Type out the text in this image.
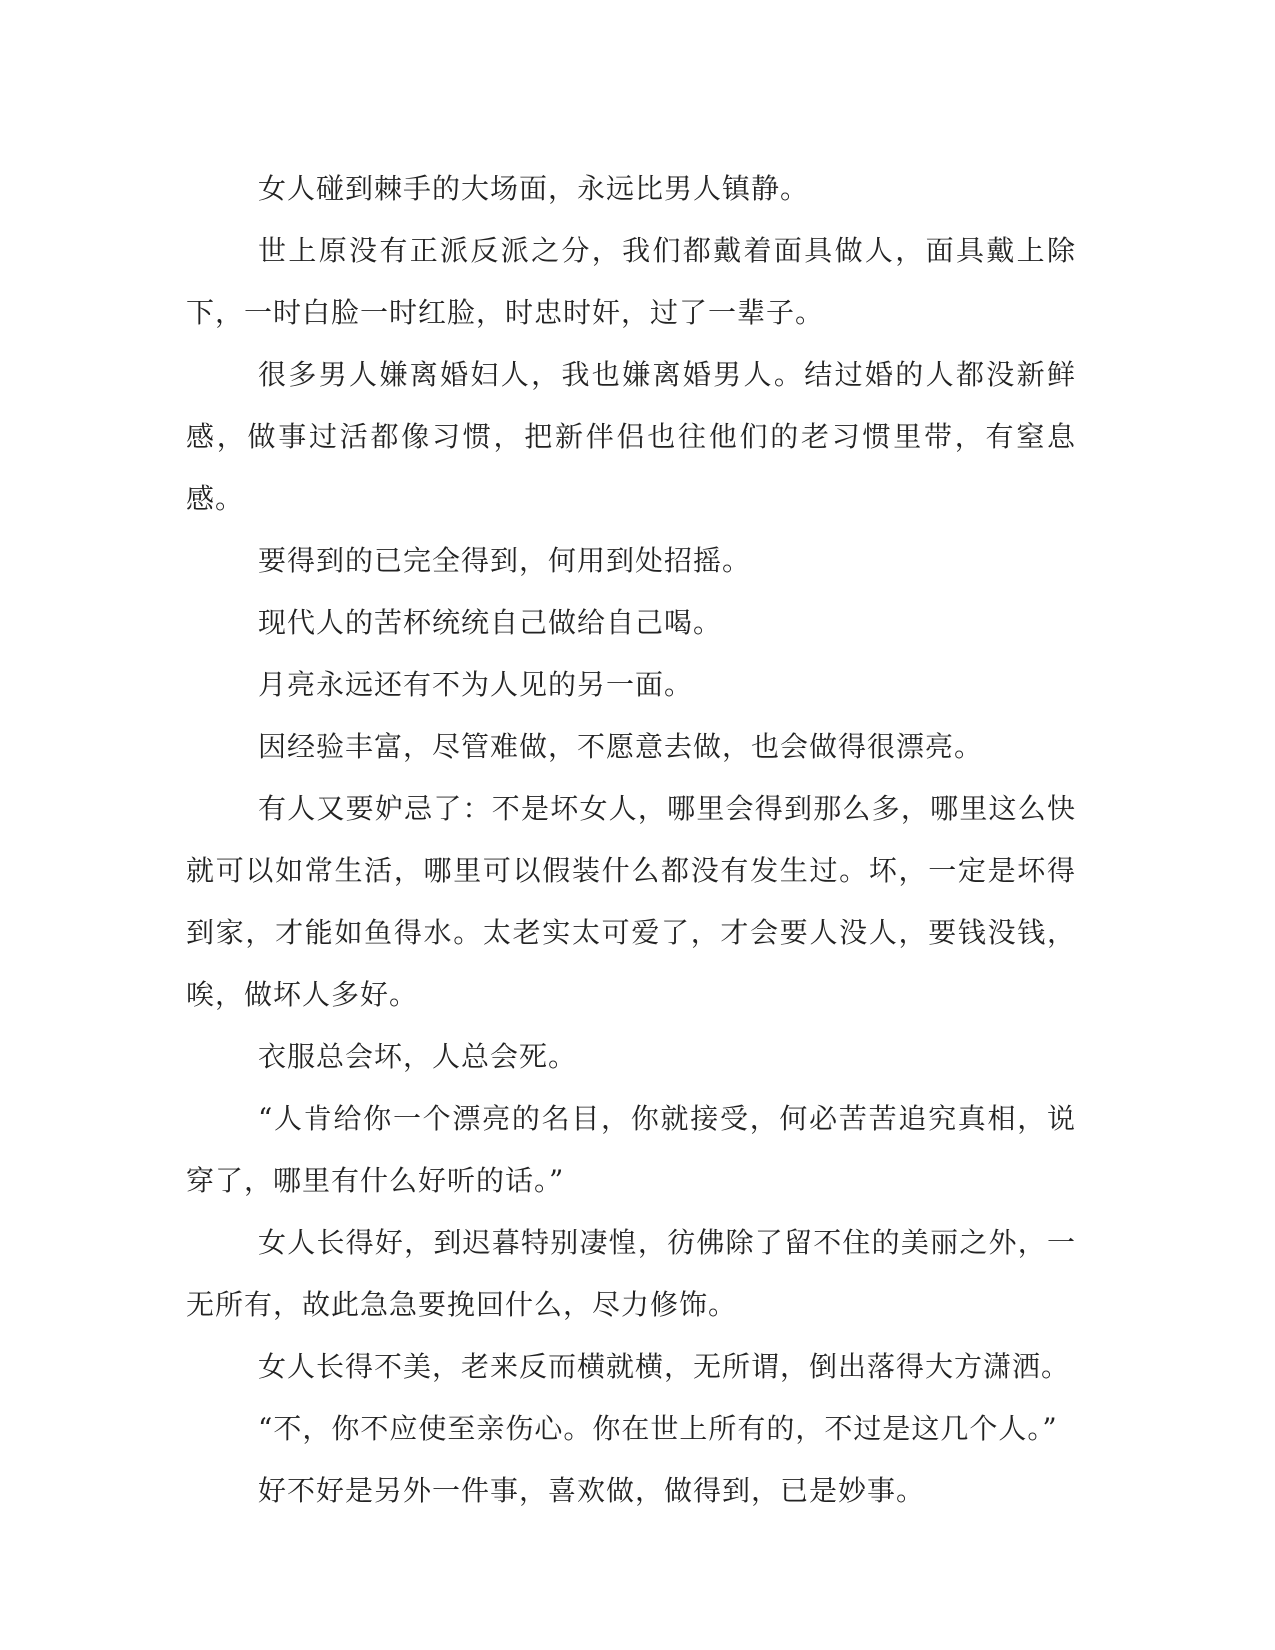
女人碰到棘手的大场面，永远比男人镇静。

世上原没有正派反派之分，我们都戴着面具做人，面具戴上除下，一时白脸一时红脸，时忠时奸，过了一辈子。

很多男人嫌离婚妇人，我也嫌离婚男人。结过婚的人都没新鲜感，做事过活都像习惯，把新伴侣也往他们的老习惯里带，有窒息感。

要得到的已完全得到，何用到处招摇。

现代人的苦杯统统自己做给自己喝。

月亮永远还有不为人见的另一面。

因经验丰富，尽管难做，不愿意去做，也会做得很漂亮。

有人又要妒忌了：不是坏女人，哪里会得到那么多，哪里这么快就可以如常生活，哪里可以假装什么都没有发生过。坏，一定是坏得到家，才能如鱼得水。太老实太可爱了，才会要人没人，要钱没钱，唉，做坏人多好。

衣服总会坏，人总会死。

“人肯给你一个漂亮的名目，你就接受，何必苦苦追究真相，说穿了，哪里有什么好听的话。”

女人长得好，到迟暮特别凄惶，彷佛除了留不住的美丽之外，一无所有，故此急急要挽回什么，尽力修饰。

女人长得不美，老来反而横就横，无所谓，倒出落得大方潇洒。

“不，你不应使至亲伤心。你在世上所有的，不过是这几个人。”

好不好是另外一件事，喜欢做，做得到，已是妙事。
